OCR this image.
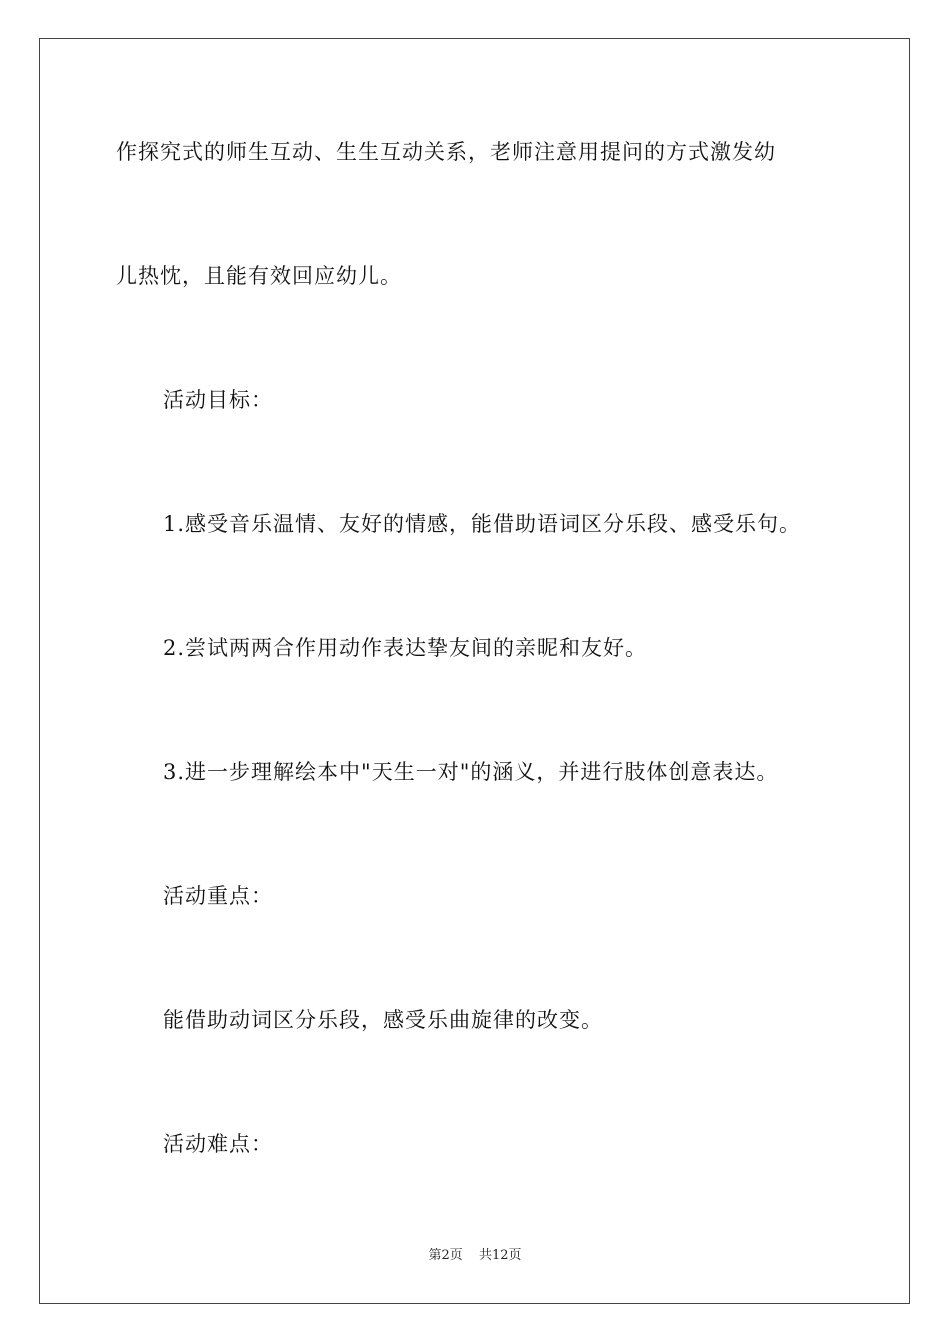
作探究式的师生互动、生生互动关系，老师注意用提问的方式激发幼
儿热忱，且能有效回应幼儿。
活动目标：
1.感受音乐温情、友好的情感，能借助语词区分乐段、感受乐句。
2.尝试两两合作用动作表达挚友间的亲昵和友好。
3.进一步理解绘本中"天生一对"的涵义，并进行肢体创意表达。
活动重点：
能借助动词区分乐段，感受乐曲旋律的改变。
活动难点：
第2页 共12页
